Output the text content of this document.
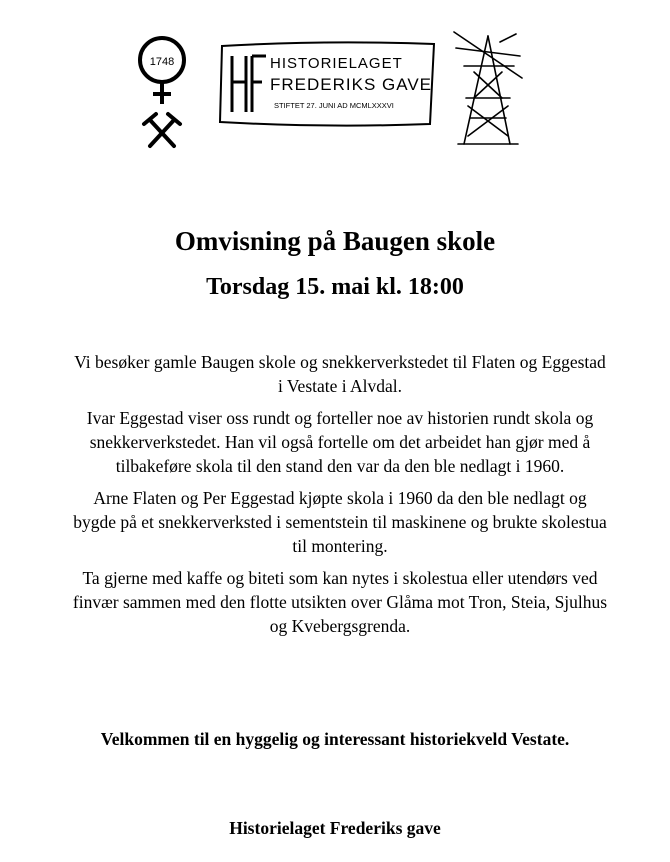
1748	HISTORIELAGET
FREDERIKS GAVE
STIFTET 27. JUNI AD MCMLXXXVI
Omvisning på Baugen skole
Torsdag 15. mai kl. 18:00

Vi besøker gamle Baugen skole og snekkerverkstedet til Flaten og Eggestad i Vestate i Alvdal.

Ivar Eggestad viser oss rundt og forteller noe av historien rundt skola og snekkerverkstedet. Han vil også fortelle om det arbeidet han gjør med å tilbakeføre skola til den stand den var da den ble nedlagt i 1960.

Arne Flaten og Per Eggestad kjøpte skola i 1960 da den ble nedlagt og bygde på et snekkerverksted i sementstein til maskinene og brukte skolestua til montering.

Ta gjerne med kaffe og biteti som kan nytes i skolestua eller utendørs ved finvær sammen med den flotte utsikten over Glåma mot Tron, Steia, Sjulhus og Kvebergsgrenda.

Velkommen til en hyggelig og interessant historiekveld Vestate.
Historielaget Frederiks gave
